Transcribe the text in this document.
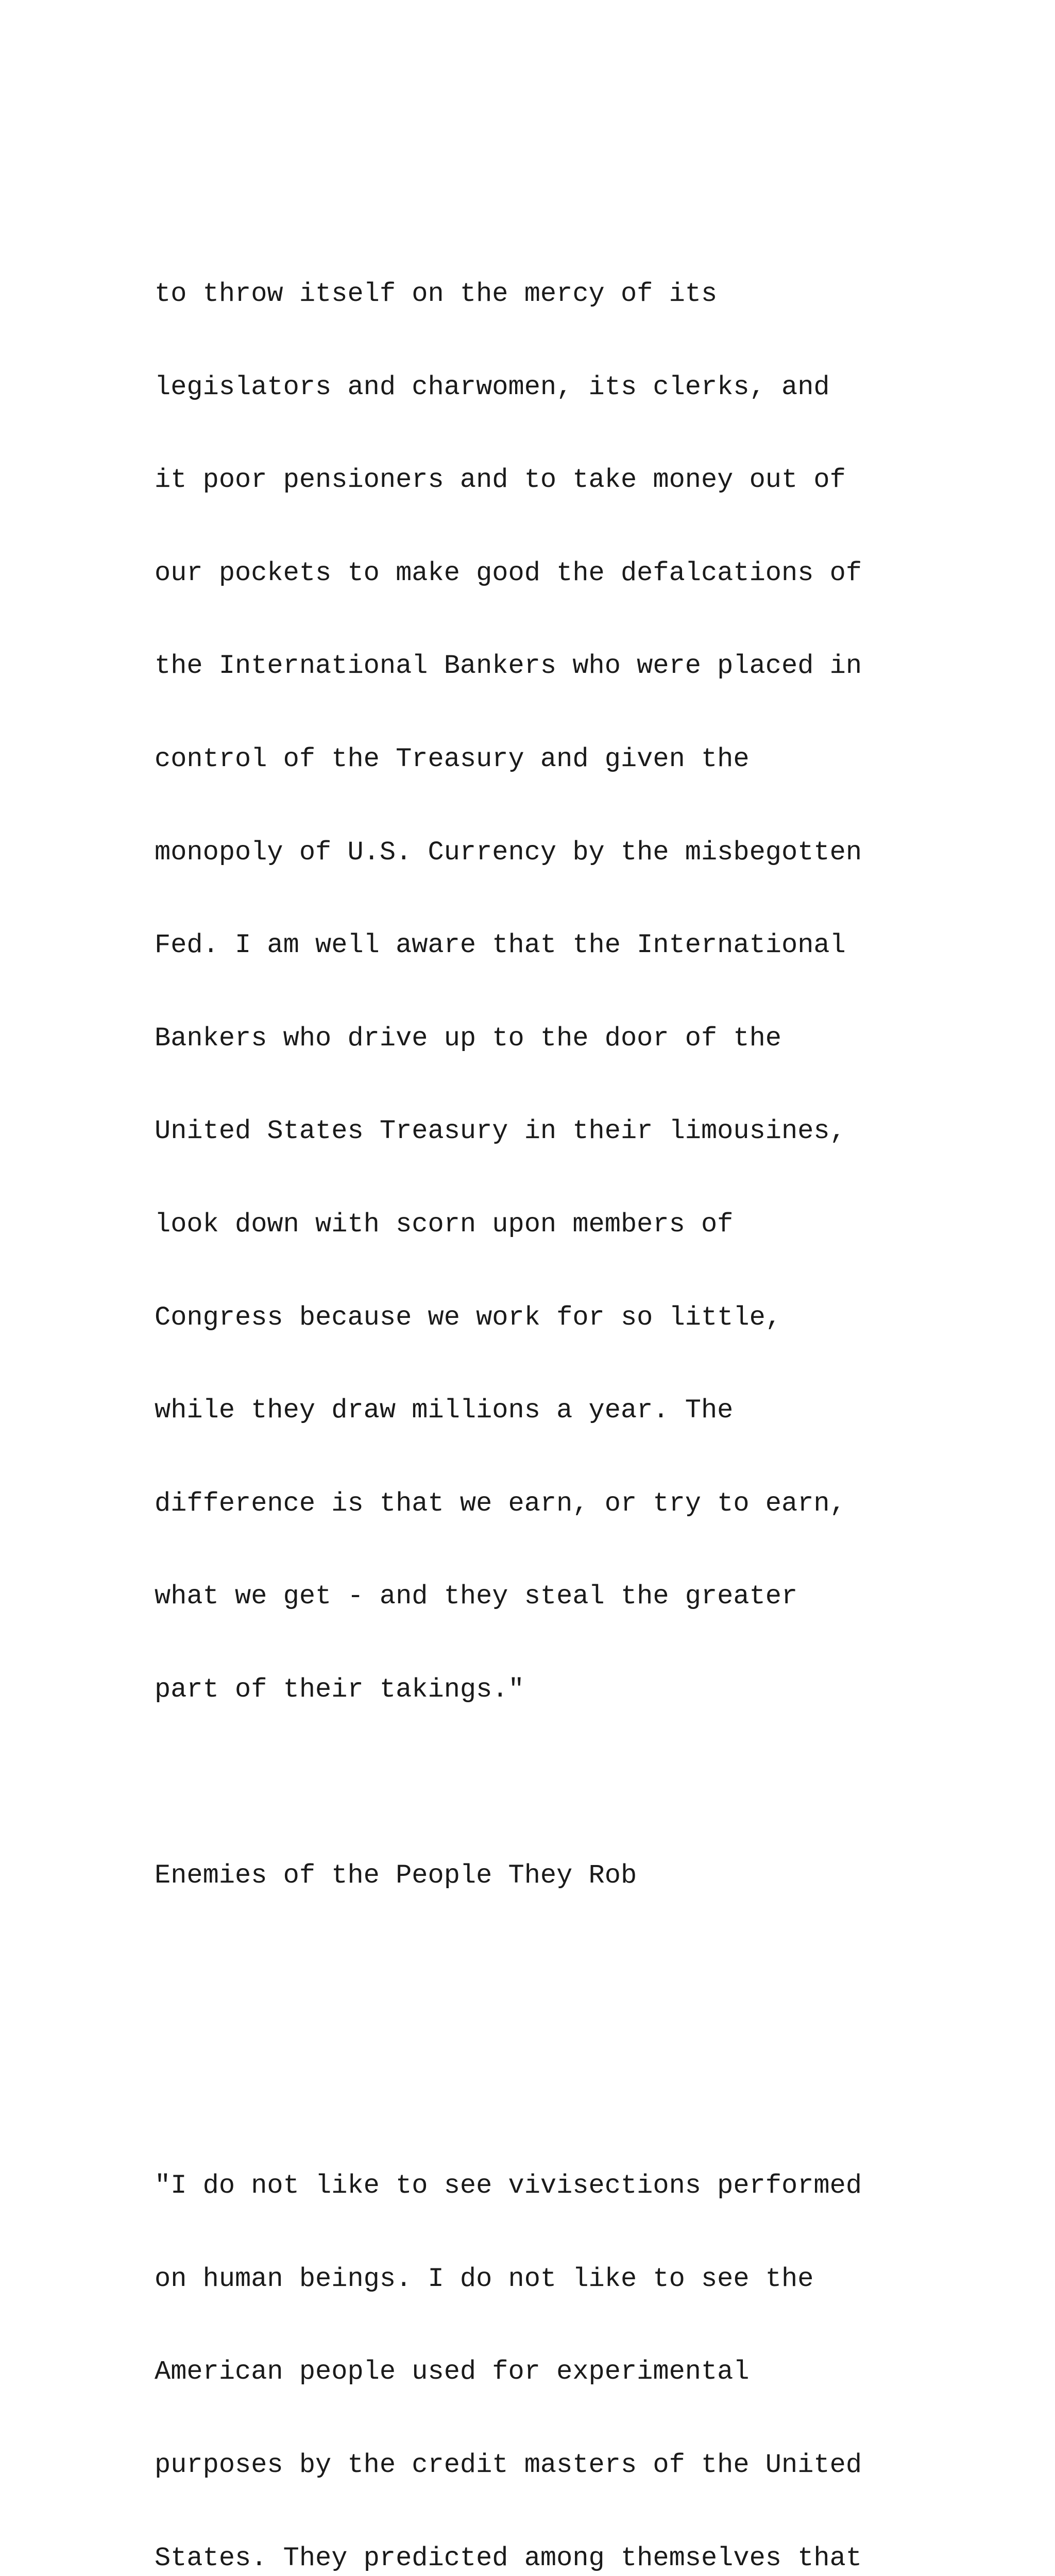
to throw itself on the mercy of its

legislators and charwomen, its clerks, and

it poor pensioners and to take money out of

our pockets to make good the defalcations of

the International Bankers who were placed in

control of the Treasury and given the

monopoly of U.S. Currency by the misbegotten

Fed. I am well aware that the International

Bankers who drive up to the door of the

United States Treasury in their limousines,

look down with scorn upon members of

Congress because we work for so little,

while they draw millions a year. The

difference is that we earn, or try to earn,

what we get - and they steal the greater

part of their takings."

Enemies of the People They Rob

"I do not like to see vivisections performed

on human beings. I do not like to see the

American people used for experimental

purposes by the credit masters of the United

States. They predicted among themselves that
